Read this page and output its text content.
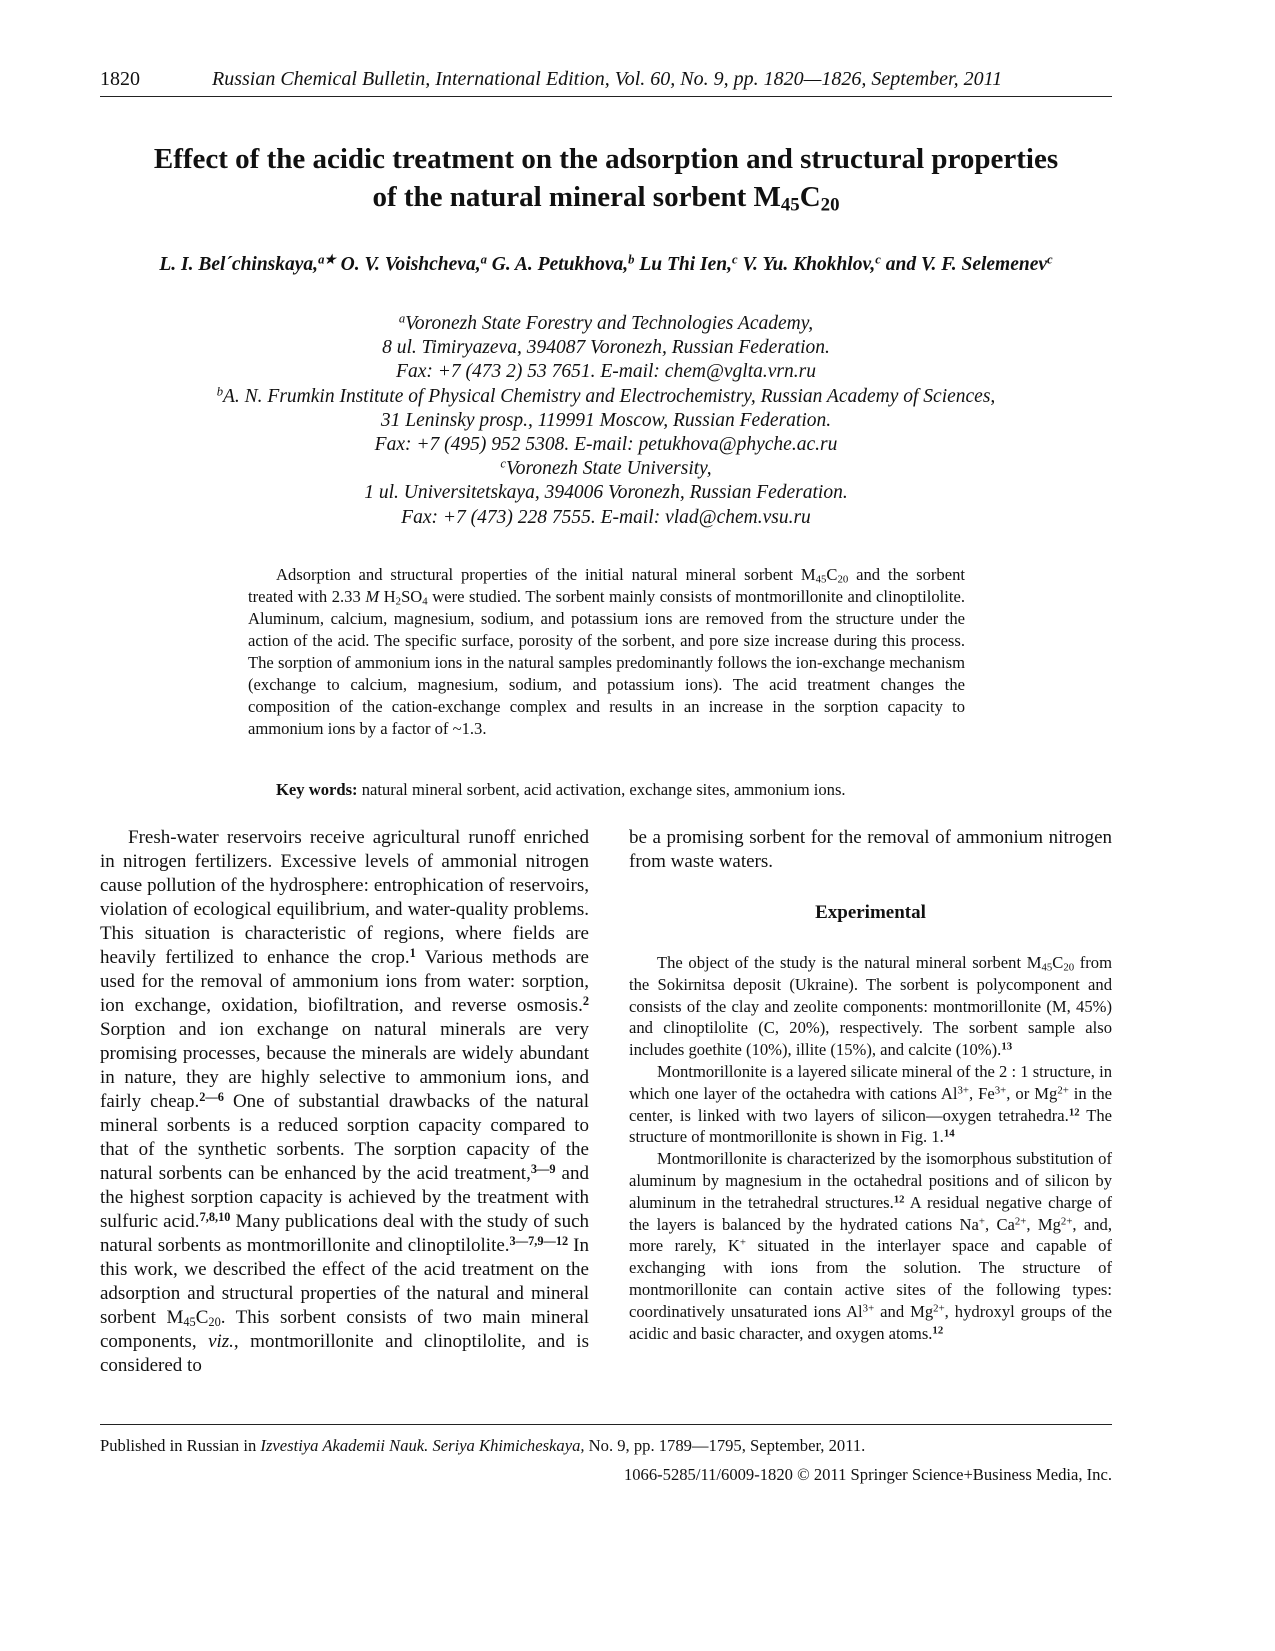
1820	Russian Chemical Bulletin, International Edition, Vol. 60, No. 9, pp. 1820—1826, September, 2011
Effect of the acidic treatment on the adsorption and structural properties
of the natural mineral sorbent $M_{45}C_{20}$
L. I. Bel´chinskaya,$^{a★}$ O. V. Voishcheva,$^a$ G. A. Petukhova,$^b$ Lu Thi Ien,$^c$ V. Yu. Khokhlov,$^c$ and V. F. Selemenev$^c$
$^a$Voronezh State Forestry and Technologies Academy,
8 ul. Timiryazeva, 394087 Voronezh, Russian Federation.
Fax: +7 (473 2) 53 7651. E-mail: chem@vglta.vrn.ru
$^b$A. N. Frumkin Institute of Physical Chemistry and Electrochemistry, Russian Academy of Sciences,
31 Leninsky prosp., 119991 Moscow, Russian Federation.
Fax: +7 (495) 952 5308. E-mail: petukhova@phyche.ac.ru
$^c$Voronezh State University,
1 ul. Universitetskaya, 394006 Voronezh, Russian Federation.
Fax: +7 (473) 228 7555. E-mail: vlad@chem.vsu.ru
Adsorption and structural properties of the initial natural mineral sorbent $M_{45}C_{20}$ and the sorbent treated with 2.33 M $H_2SO_4$ were studied. The sorbent mainly consists of montmorillonite and clinoptilolite. Aluminum, calcium, magnesium, sodium, and potassium ions are removed from the structure under the action of the acid. The specific surface, porosity of the sorbent, and pore size increase during this process. The sorption of ammonium ions in the natural samples predominantly follows the ion-exchange mechanism (exchange to calcium, magnesium, sodium, and potassium ions). The acid treatment changes the composition of the cation-exchange complex and results in an increase in the sorption capacity to ammonium ions by a factor of ~1.3.
Key words: natural mineral sorbent, acid activation, exchange sites, ammonium ions.

Fresh-water reservoirs receive agricultural runoff enriched in nitrogen fertilizers. Excessive levels of ammonial nitrogen cause pollution of the hydrosphere: entrophication of reservoirs, violation of ecological equilibrium, and water-quality problems. This situation is characteristic of regions, where fields are heavily fertilized to enhance the crop.$^1$ Various methods are used for the removal of ammonium ions from water: sorption, ion exchange, oxidation, biofiltration, and reverse osmosis.$^2$ Sorption and ion exchange on natural minerals are very promising processes, because the minerals are widely abundant in nature, they are highly selective to ammonium ions, and fairly cheap.$^{2—6}$ One of substantial drawbacks of the natural mineral sorbents is a reduced sorption capacity compared to that of the synthetic sorbents. The sorption capacity of the natural sorbents can be enhanced by the acid treatment,$^{3—9}$ and the highest sorption capacity is achieved by the treatment with sulfuric acid.$^{7,8,10}$ Many publications deal with the study of such natural sorbents as montmorillonite and clinoptilolite.$^{3—7,9—12}$ In this work, we described the effect of the acid treatment on the adsorption and structural properties of the natural and mineral sorbent $M_{45}C_{20}$. This sorbent consists of two main mineral components, viz., montmorillonite and clinoptilolite, and is considered to

be a promising sorbent for the removal of ammonium nitrogen from waste waters.

Experimental

The object of the study is the natural mineral sorbent $M_{45}C_{20}$ from the Sokirnitsa deposit (Ukraine). The sorbent is polycomponent and consists of the clay and zeolite components: montmorillonite (M, 45%) and clinoptilolite (C, 20%), respectively. The sorbent sample also includes goethite (10%), illite (15%), and calcite (10%).$^{13}$

Montmorillonite is a layered silicate mineral of the 2 : 1 structure, in which one layer of the octahedra with cations $Al^{3+}$, $Fe^{3+}$, or $Mg^{2+}$ in the center, is linked with two layers of silicon—oxygen tetrahedra.$^{12}$ The structure of montmorillonite is shown in Fig. 1.14

Montmorillonite is characterized by the isomorphous substitution of aluminum by magnesium in the octahedral positions and of silicon by aluminum in the tetrahedral structures.$^{12}$ A residual negative charge of the layers is balanced by the hydrated cations Na+, $Ca^{2+}$, $Mg^{2+}$, and, more rarely, K+ situated in the interlayer space and capable of exchanging with ions from the solution. The structure of montmorillonite can contain active sites of the following types: coordinatively unsaturated ions $Al^{3+}$ and $Mg^{2+}$, hydroxyl groups of the acidic and basic character, and oxygen atoms.$^{12}$

Published in Russian in Izvestiya Akademii Nauk. Seriya Khimicheskaya, No. 9, pp. 1789—1795, September, 2011.
1066-5285/11/6009-1820 © 2011 Springer Science+Business Media, Inc.
